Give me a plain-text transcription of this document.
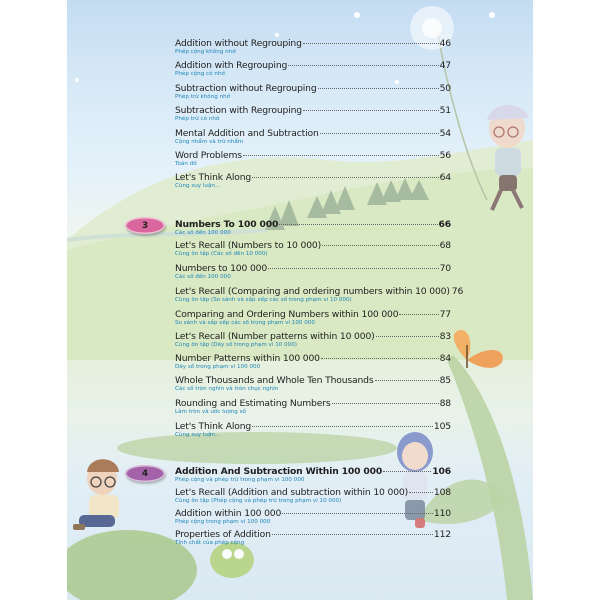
Addition without Regrouping	46
Phép cộng không nhớ
Addition with Regrouping	47
Phép cộng có nhớ
Subtraction without Regrouping	50
Phép trừ không nhớ
Subtraction with Regrouping	51
Phép trừ có nhớ
Mental Addition and Subtraction	54
Cộng nhẩm và trừ nhẩm
Word Problems	56
Toán đố
Let's Think Along	64
Cùng suy luận...
3	Numbers To 100 000	66
Các số đến 100 000
Let's Recall (Numbers to 10 000)	68
Cùng ôn tập (Các số đến 10 000)
Numbers to 100 000	70
Các số đến 100 000
Let's Recall (Comparing and ordering numbers within 10 000) 76
Cùng ôn tập (So sánh và sắp xếp các số trong phạm vi 10 000)
Comparing and Ordering Numbers within 100 000	77
So sánh và sắp xếp các số trong phạm vi 100 000
Let's Recall (Number patterns within 10 000)	83
Cùng ôn tập (Dãy số trong phạm vi 10 000)
Number Patterns within 100 000	84
Dãy số trong phạm vi 100 000
Whole Thousands and Whole Ten Thousands	85
Các số tròn nghìn và tròn chục nghìn
Rounding and Estimating Numbers	88
Làm tròn và ước lượng số
Let's Think Along	105
Cùng suy luận...
4	Addition And Subtraction Within 100 000	106
Phép cộng và phép trừ trong phạm vi 100 000
Let's Recall (Addition and subtraction within 10 000)	108
Cùng ôn tập (Phép cộng và phép trừ trong phạm vi 10 000)
Addition within 100 000	110
Phép cộng trong phạm vi 100 000
Properties of Addition	112
Tính chất của phép cộng
